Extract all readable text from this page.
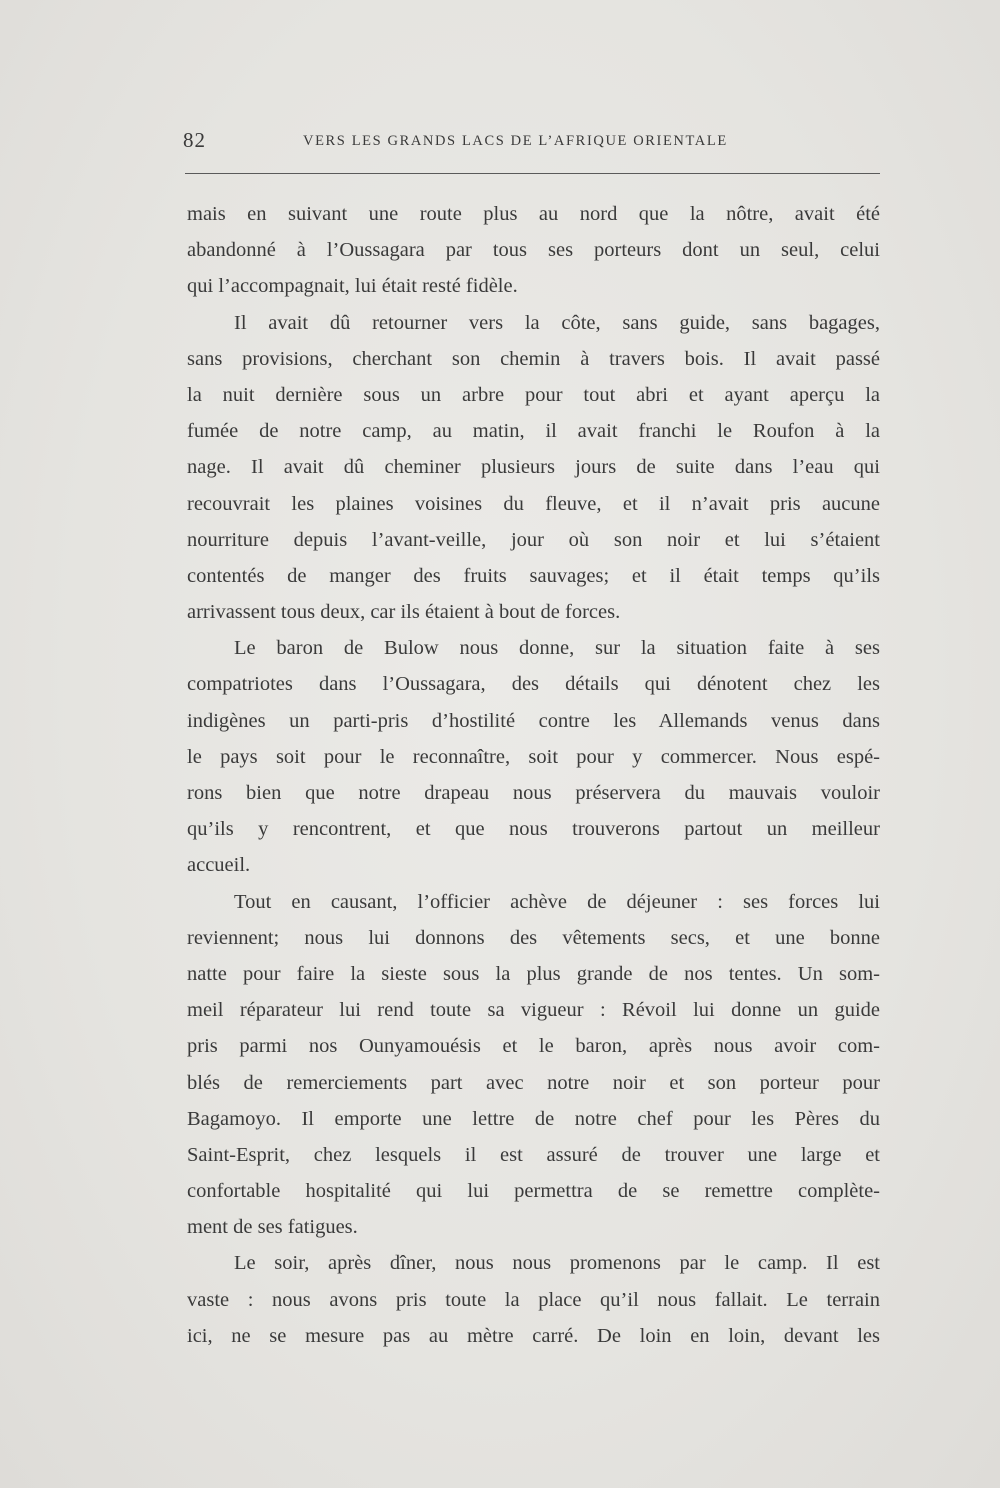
82	VERS LES GRANDS LACS DE L’AFRIQUE ORIENTALE
mais en suivant une route plus au nord que la nôtre, avait été
abandonné à l’Oussagara par tous ses porteurs dont un seul, celui
qui l’accompagnait, lui était resté fidèle.
Il avait dû retourner vers la côte, sans guide, sans bagages,
sans provisions, cherchant son chemin à travers bois. Il avait passé
la nuit dernière sous un arbre pour tout abri et ayant aperçu la
fumée de notre camp, au matin, il avait franchi le Roufon à la
nage. Il avait dû cheminer plusieurs jours de suite dans l’eau qui
recouvrait les plaines voisines du fleuve, et il n’avait pris aucune
nourriture depuis l’avant-veille, jour où son noir et lui s’étaient
contentés de manger des fruits sauvages; et il était temps qu’ils
arrivassent tous deux, car ils étaient à bout de forces.
Le baron de Bulow nous donne, sur la situation faite à ses
compatriotes dans l’Oussagara, des détails qui dénotent chez les
indigènes un parti-pris d’hostilité contre les Allemands venus dans
le pays soit pour le reconnaître, soit pour y commercer. Nous espé-
rons bien que notre drapeau nous préservera du mauvais vouloir
qu’ils y rencontrent, et que nous trouverons partout un meilleur
accueil.
Tout en causant, l’officier achève de déjeuner : ses forces lui
reviennent; nous lui donnons des vêtements secs, et une bonne
natte pour faire la sieste sous la plus grande de nos tentes. Un som-
meil réparateur lui rend toute sa vigueur : Révoil lui donne un guide
pris parmi nos Ounyamouésis et le baron, après nous avoir com-
blés de remerciements part avec notre noir et son porteur pour
Bagamoyo. Il emporte une lettre de notre chef pour les Pères du
Saint-Esprit, chez lesquels il est assuré de trouver une large et
confortable hospitalité qui lui permettra de se remettre complète-
ment de ses fatigues.
Le soir, après dîner, nous nous promenons par le camp. Il est
vaste : nous avons pris toute la place qu’il nous fallait. Le terrain
ici, ne se mesure pas au mètre carré. De loin en loin, devant les
